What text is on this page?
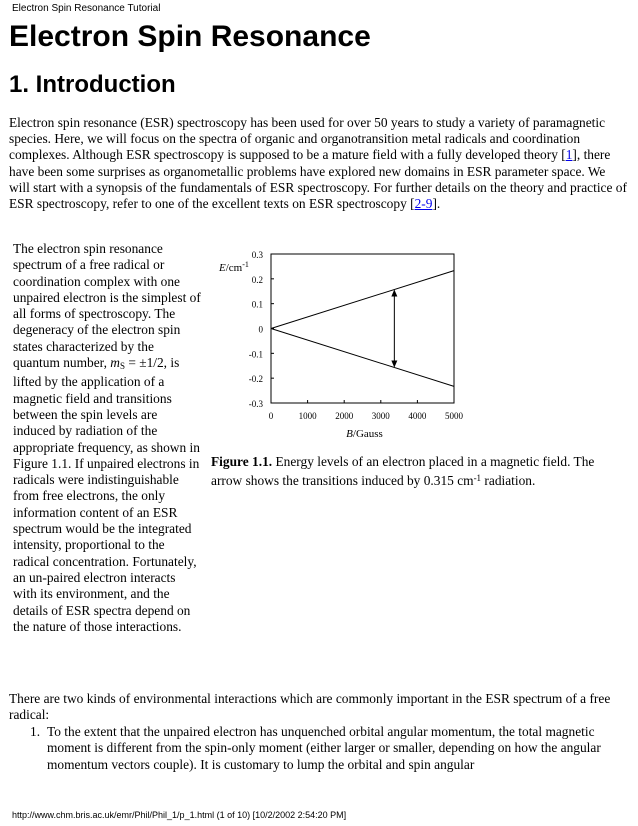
Electron Spin Resonance Tutorial
Electron Spin Resonance
1. Introduction

Electron spin resonance (ESR) spectroscopy has been used for over 50 years to study a variety of paramagnetic species. Here, we will focus on the spectra of organic and organotransition metal radicals and coordination complexes. Although ESR spectroscopy is supposed to be a mature field with a fully developed theory [1], there have been some surprises as organometallic problems have explored new domains in ESR parameter space. We will start with a synopsis of the fundamentals of ESR spectroscopy. For further details on the theory and practice of ESR spectroscopy, refer to one of the excellent texts on ESR spectroscopy [2-9].

The electron spin resonance spectrum of a free radical or coordination complex with one unpaired electron is the simplest of all forms of spectroscopy. The degeneracy of the electron spin states characterized by the quantum number, $m_S = \pm 1/2$, is lifted by the application of a magnetic field and transitions between the spin levels are induced by radiation of the appropriate frequency, as shown in Figure 1.1. If unpaired electrons in radicals were indistinguishable from free electrons, the only information content of an ESR spectrum would be the integrated intensity, proportional to the radical concentration. Fortunately, an un-paired electron interacts with its environment, and the details of ESR spectra depend on the nature of those interactions.

0.3
0.2
0.1
0
-0.1
-0.2
-0.3
0	1000 2000 3000 4000 5000
$E/cm^{-1}$
B/Gauss

Figure 1.1. Energy levels of an electron placed in a magnetic field. The arrow shows the transitions induced by 0.315 $cm^{-1}$ radiation.

There are two kinds of environmental interactions which are commonly important in the ESR spectrum of a free radical:

1. To the extent that the unpaired electron has unquenched orbital angular momentum, the total magnetic moment is different from the spin-only moment (either larger or smaller, depending on how the angular momentum vectors couple). It is customary to lump the orbital and spin angular
http://www.chm.bris.ac.uk/emr/Phil/Phil_1/p_1.html (1 of 10) [10/2/2002 2:54:20 PM]
